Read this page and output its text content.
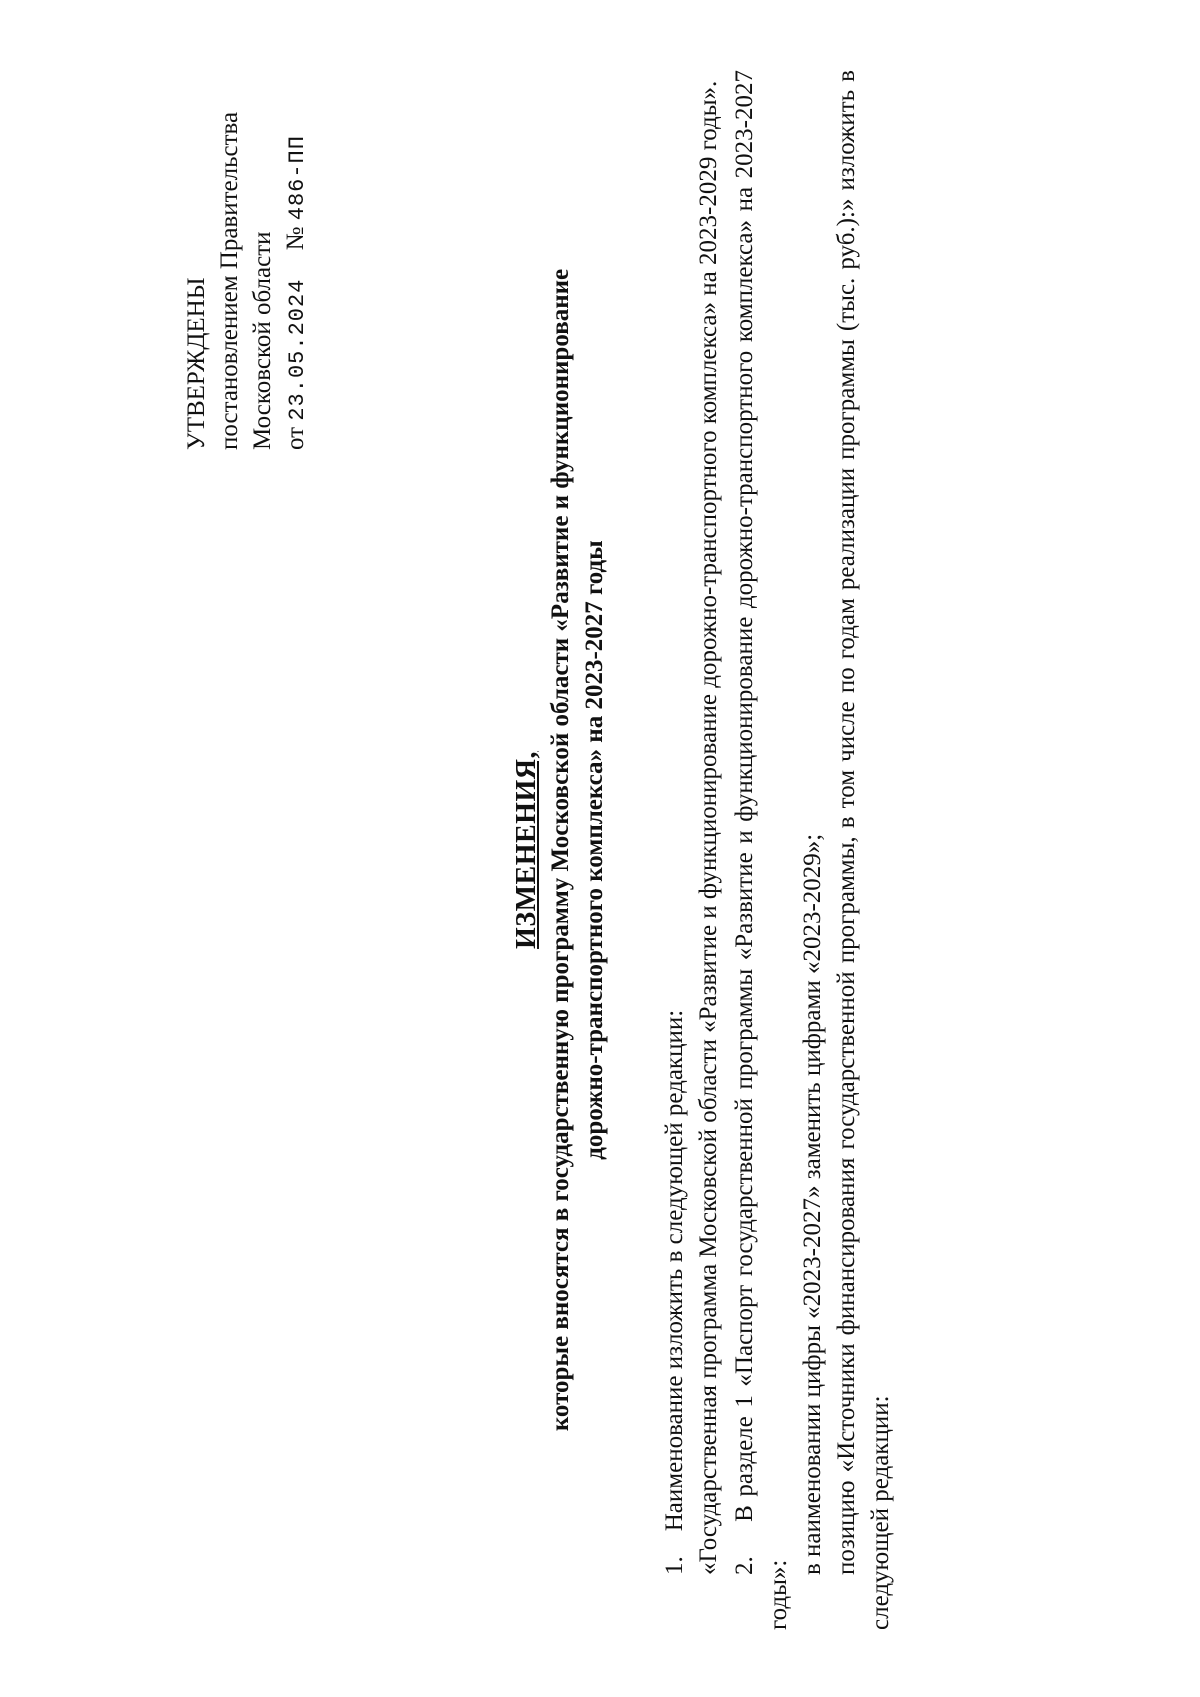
УТВЕРЖДЕНЫ постановлением Правительства Московской области от 23.05.2024 № 486-ПП
ИЗМЕНЕНИЯ, которые вносятся в государственную программу Московской области «Развитие и функционирование дорожно-транспортного комплекса» на 2023-2027 годы

1.    Наименование изложить в следующей редакции: «Государственная программа Московской области «Развитие и функционирование дорожно-транспортного комплекса» на 2023-2029 годы». 2.    В разделе 1 «Паспорт государственной программы «Развитие и функционирование дорожно-транспортного комплекса» на 2023-2027 годы»:

в наименовании цифры «2023-2027» заменить цифрами «2023-2029»; позицию «Источники финансирования государственной программы, в том числе по годам реализации программы (тыс. руб.):» изложить в следующей редакции:
